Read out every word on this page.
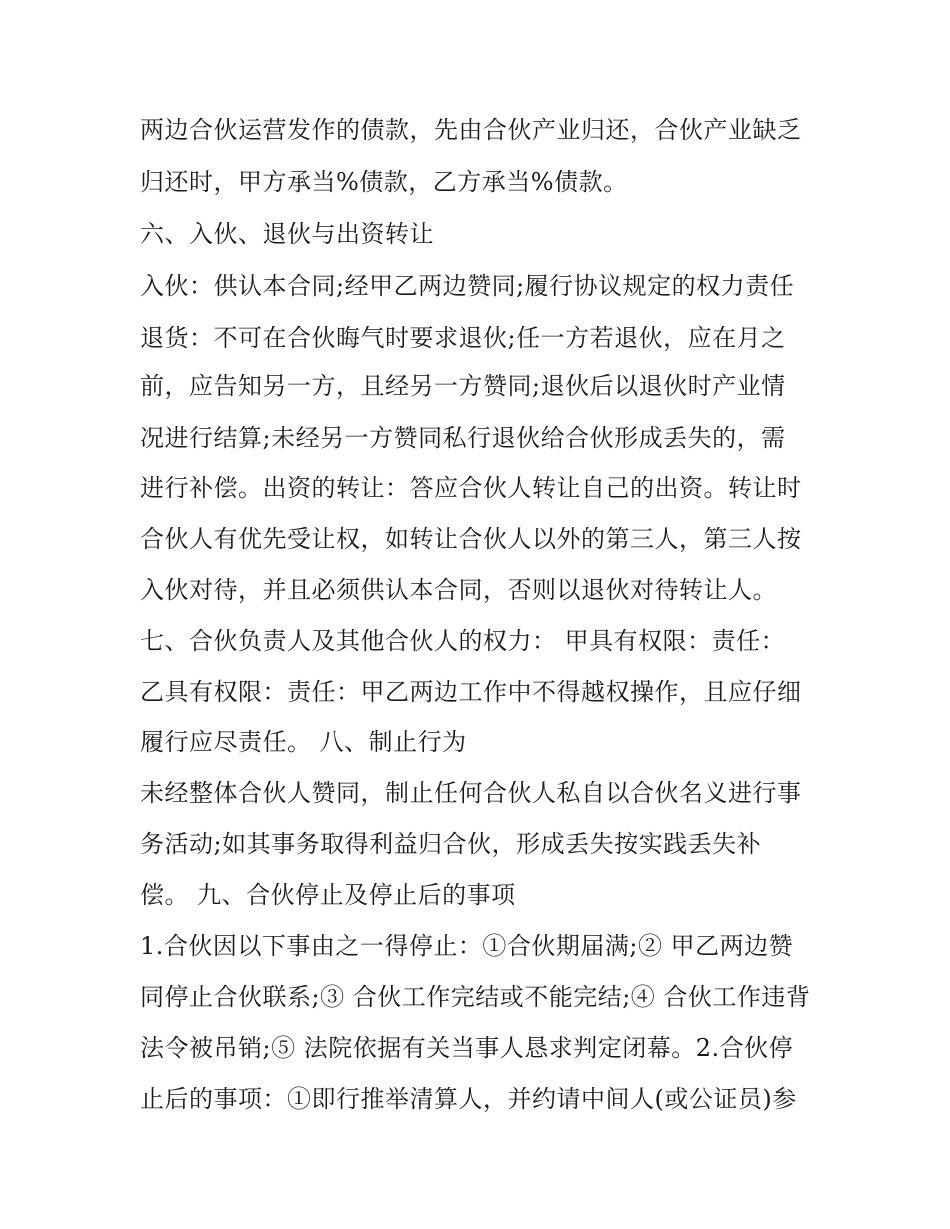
两边合伙运营发作的债款，先由合伙产业归还，合伙产业缺乏
归还时，甲方承当%债款，乙方承当%债款。
六、入伙、退伙与出资转让
入伙：供认本合同;经甲乙两边赞同;履行协议规定的权力责任
退货：不可在合伙晦气时要求退伙;任一方若退伙，应在月之
前，应告知另一方，且经另一方赞同;退伙后以退伙时产业情
况进行结算;未经另一方赞同私行退伙给合伙形成丢失的，需
进行补偿。出资的转让：答应合伙人转让自己的出资。转让时
合伙人有优先受让权，如转让合伙人以外的第三人，第三人按
入伙对待，并且必须供认本合同，否则以退伙对待转让人。
七、合伙负责人及其他合伙人的权力： 甲具有权限：责任：
乙具有权限：责任：甲乙两边工作中不得越权操作，且应仔细
履行应尽责任。 八、制止行为
未经整体合伙人赞同，制止任何合伙人私自以合伙名义进行事
务活动;如其事务取得利益归合伙，形成丢失按实践丢失补
偿。 九、合伙停止及停止后的事项
1.合伙因以下事由之一得停止：①合伙期届满;② 甲乙两边赞
同停止合伙联系;③ 合伙工作完结或不能完结;④ 合伙工作违背
法令被吊销;⑤ 法院依据有关当事人恳求判定闭幕。2.合伙停
止后的事项：①即行推举清算人，并约请中间人(或公证员)参
